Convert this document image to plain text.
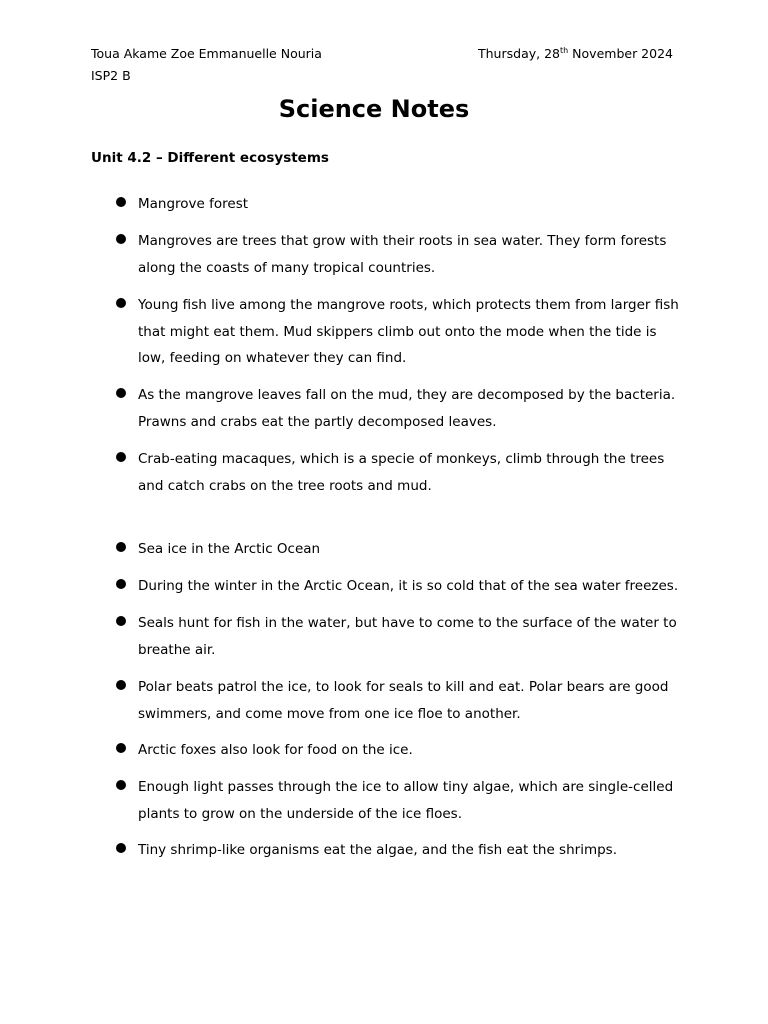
Toua Akame Zoe Emmanuelle Nouria	Thursday, 28th November 2024
ISP2 B
Science Notes
Unit 4.2 – Different ecosystems
Mangrove forest
Mangroves are trees that grow with their roots in sea water. They form forests along the coasts of many tropical countries.
Young fish live among the mangrove roots, which protects them from larger fish that might eat them. Mud skippers climb out onto the mode when the tide is low, feeding on whatever they can find.
As the mangrove leaves fall on the mud, they are decomposed by the bacteria. Prawns and crabs eat the partly decomposed leaves.
Crab-eating macaques, which is a specie of monkeys, climb through the trees and catch crabs on the tree roots and mud.
Sea ice in the Arctic Ocean
During the winter in the Arctic Ocean, it is so cold that of the sea water freezes.
Seals hunt for fish in the water, but have to come to the surface of the water to breathe air.
Polar beats patrol the ice, to look for seals to kill and eat. Polar bears are good swimmers, and come move from one ice floe to another.
Arctic foxes also look for food on the ice.
Enough light passes through the ice to allow tiny algae, which are single-celled plants to grow on the underside of the ice floes.
Tiny shrimp-like organisms eat the algae, and the fish eat the shrimps.
